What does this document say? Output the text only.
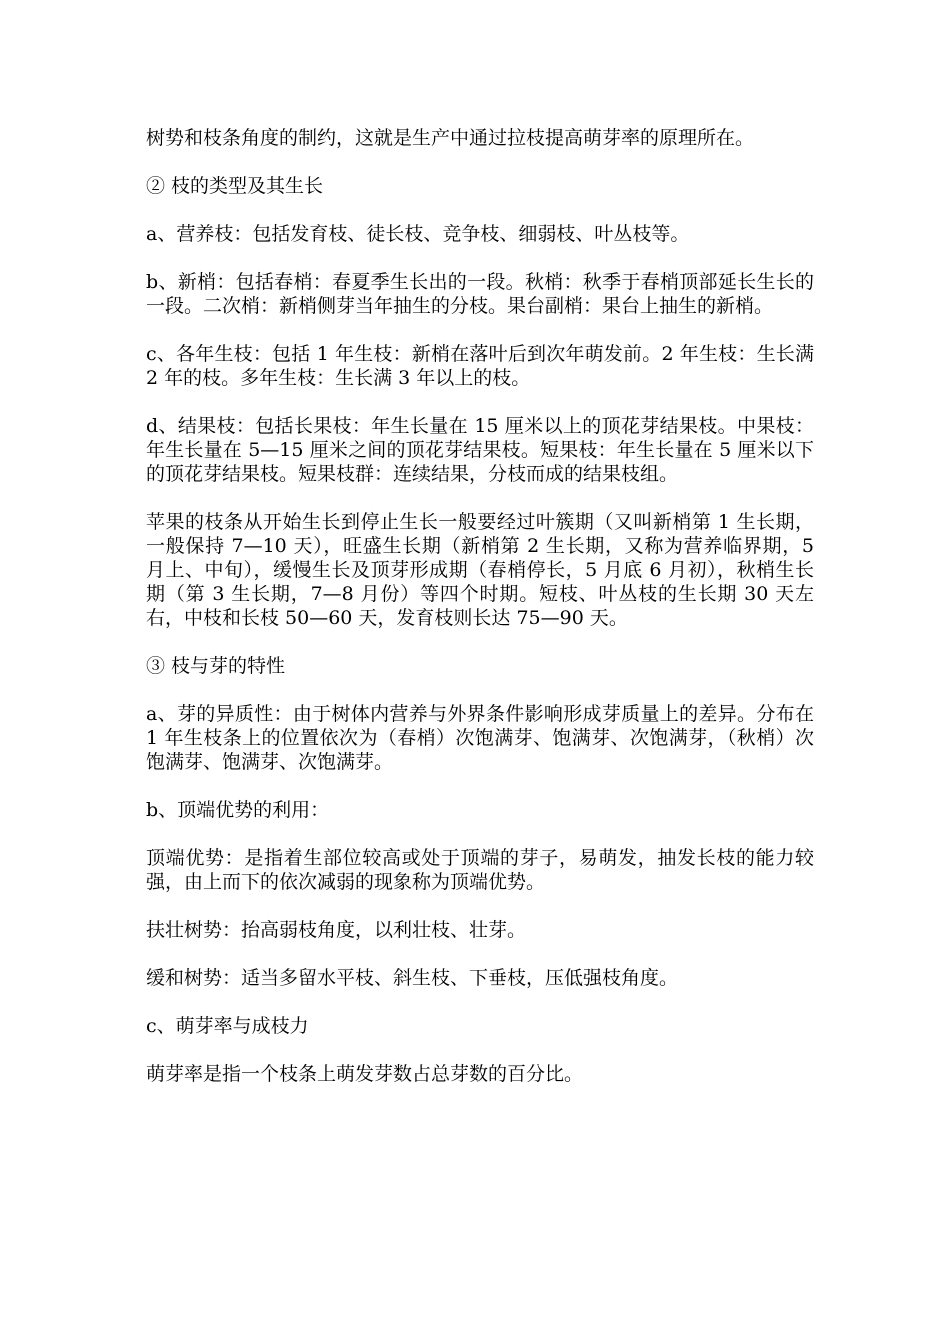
树势和枝条角度的制约，这就是生产中通过拉枝提高萌芽率的原理所在。

② 枝的类型及其生长

a、营养枝：包括发育枝、徒长枝、竞争枝、细弱枝、叶丛枝等。

b、新梢：包括春梢：春夏季生长出的一段。秋梢：秋季于春梢顶部延长生长的一段。二次梢：新梢侧芽当年抽生的分枝。果台副梢：果台上抽生的新梢。

c、各年生枝：包括 1 年生枝：新梢在落叶后到次年萌发前。2 年生枝：生长满 2 年的枝。多年生枝：生长满 3 年以上的枝。

d、结果枝：包括长果枝：年生长量在 15 厘米以上的顶花芽结果枝。中果枝：年生长量在 5—15 厘米之间的顶花芽结果枝。短果枝：年生长量在 5 厘米以下的顶花芽结果枝。短果枝群：连续结果，分枝而成的结果枝组。

苹果的枝条从开始生长到停止生长一般要经过叶簇期（又叫新梢第 1 生长期，一般保持 7—10 天），旺盛生长期（新梢第 2 生长期，又称为营养临界期，5 月上、中旬），缓慢生长及顶芽形成期（春梢停长，5 月底 6 月初），秋梢生长期（第 3 生长期，7—8 月份）等四个时期。短枝、叶丛枝的生长期 30 天左右，中枝和长枝 50—60 天，发育枝则长达 75—90 天。

③ 枝与芽的特性

a、芽的异质性：由于树体内营养与外界条件影响形成芽质量上的差异。分布在 1 年生枝条上的位置依次为（春梢）次饱满芽、饱满芽、次饱满芽，（秋梢）次饱满芽、饱满芽、次饱满芽。

b、顶端优势的利用：

顶端优势：是指着生部位较高或处于顶端的芽子，易萌发，抽发长枝的能力较强，由上而下的依次减弱的现象称为顶端优势。

扶壮树势：抬高弱枝角度，以利壮枝、壮芽。

缓和树势：适当多留水平枝、斜生枝、下垂枝，压低强枝角度。

c、萌芽率与成枝力

萌芽率是指一个枝条上萌发芽数占总芽数的百分比。
